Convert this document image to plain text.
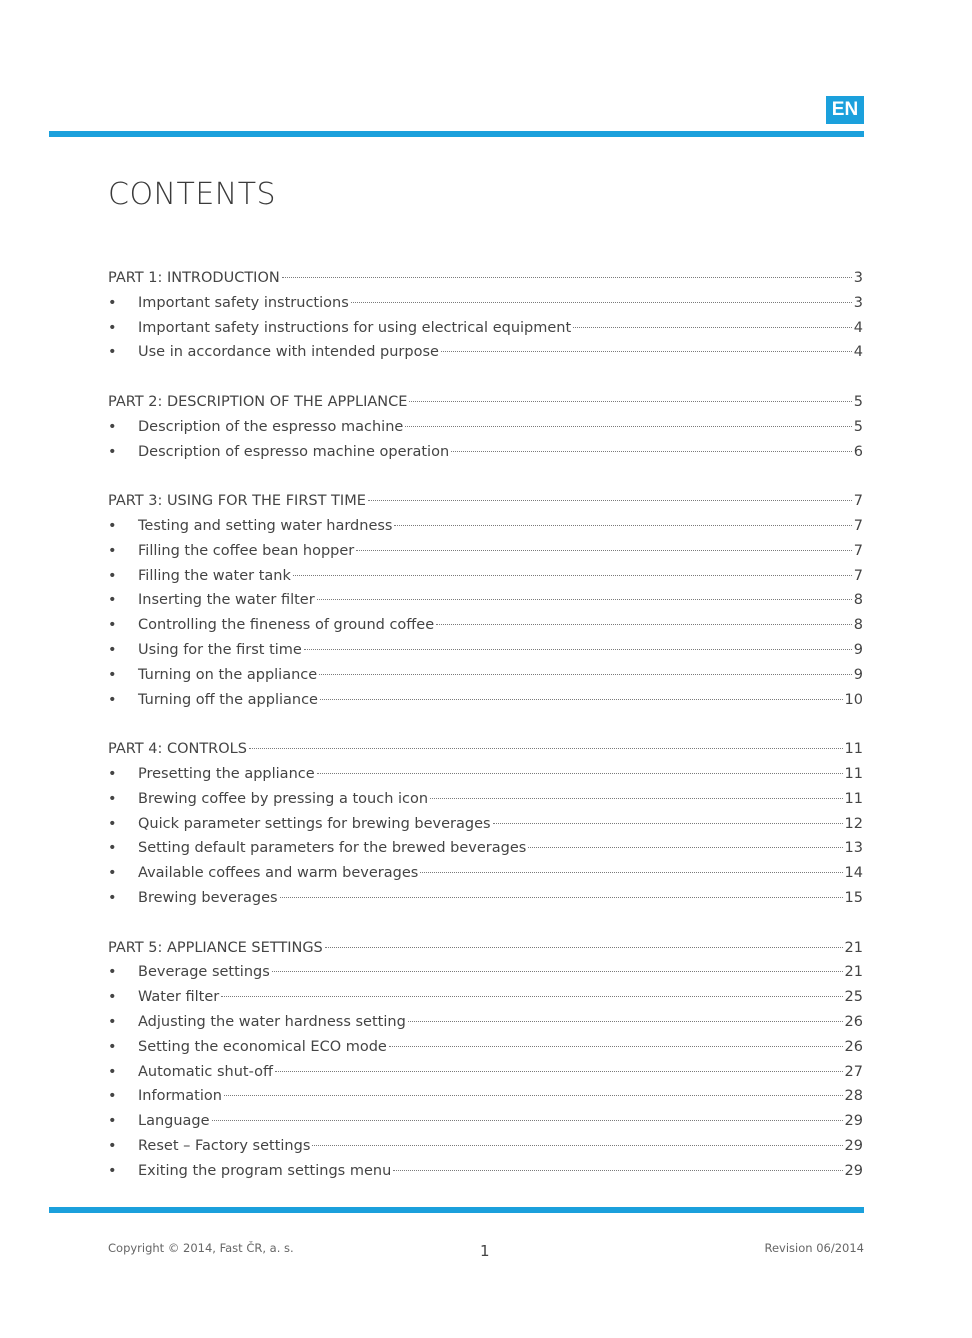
EN
CONTENTS
PART 1: INTRODUCTION	3
•	Important safety instructions	3
•	Important safety instructions for using electrical equipment	4
•	Use in accordance with intended purpose	4
PART 2: DESCRIPTION OF THE APPLIANCE	5
•	Description of the espresso machine	5
•	Description of espresso machine operation	6
PART 3: USING FOR THE FIRST TIME	7
•	Testing and setting water hardness	7
•	Filling the coffee bean hopper	7
•	Filling the water tank	7
•	Inserting the water filter	8
•	Controlling the fineness of ground coffee	8
•	Using for the first time	9
•	Turning on the appliance	9
•	Turning off the appliance	10
PART 4: CONTROLS	11
•	Presetting the appliance	11
•	Brewing coffee by pressing a touch icon	11
•	Quick parameter settings for brewing beverages	12
•	Setting default parameters for the brewed beverages	13
•	Available coffees and warm beverages	14
•	Brewing beverages	15
PART 5: APPLIANCE SETTINGS	21
•	Beverage settings	21
•	Water filter	25
•	Adjusting the water hardness setting	26
•	Setting the economical ECO mode	26
•	Automatic shut-off	27
•	Information	28
•	Language	29
•	Reset – Factory settings	29
•	Exiting the program settings menu	29
Copyright © 2014, Fast ČR, a. s.	1	Revision 06/2014
